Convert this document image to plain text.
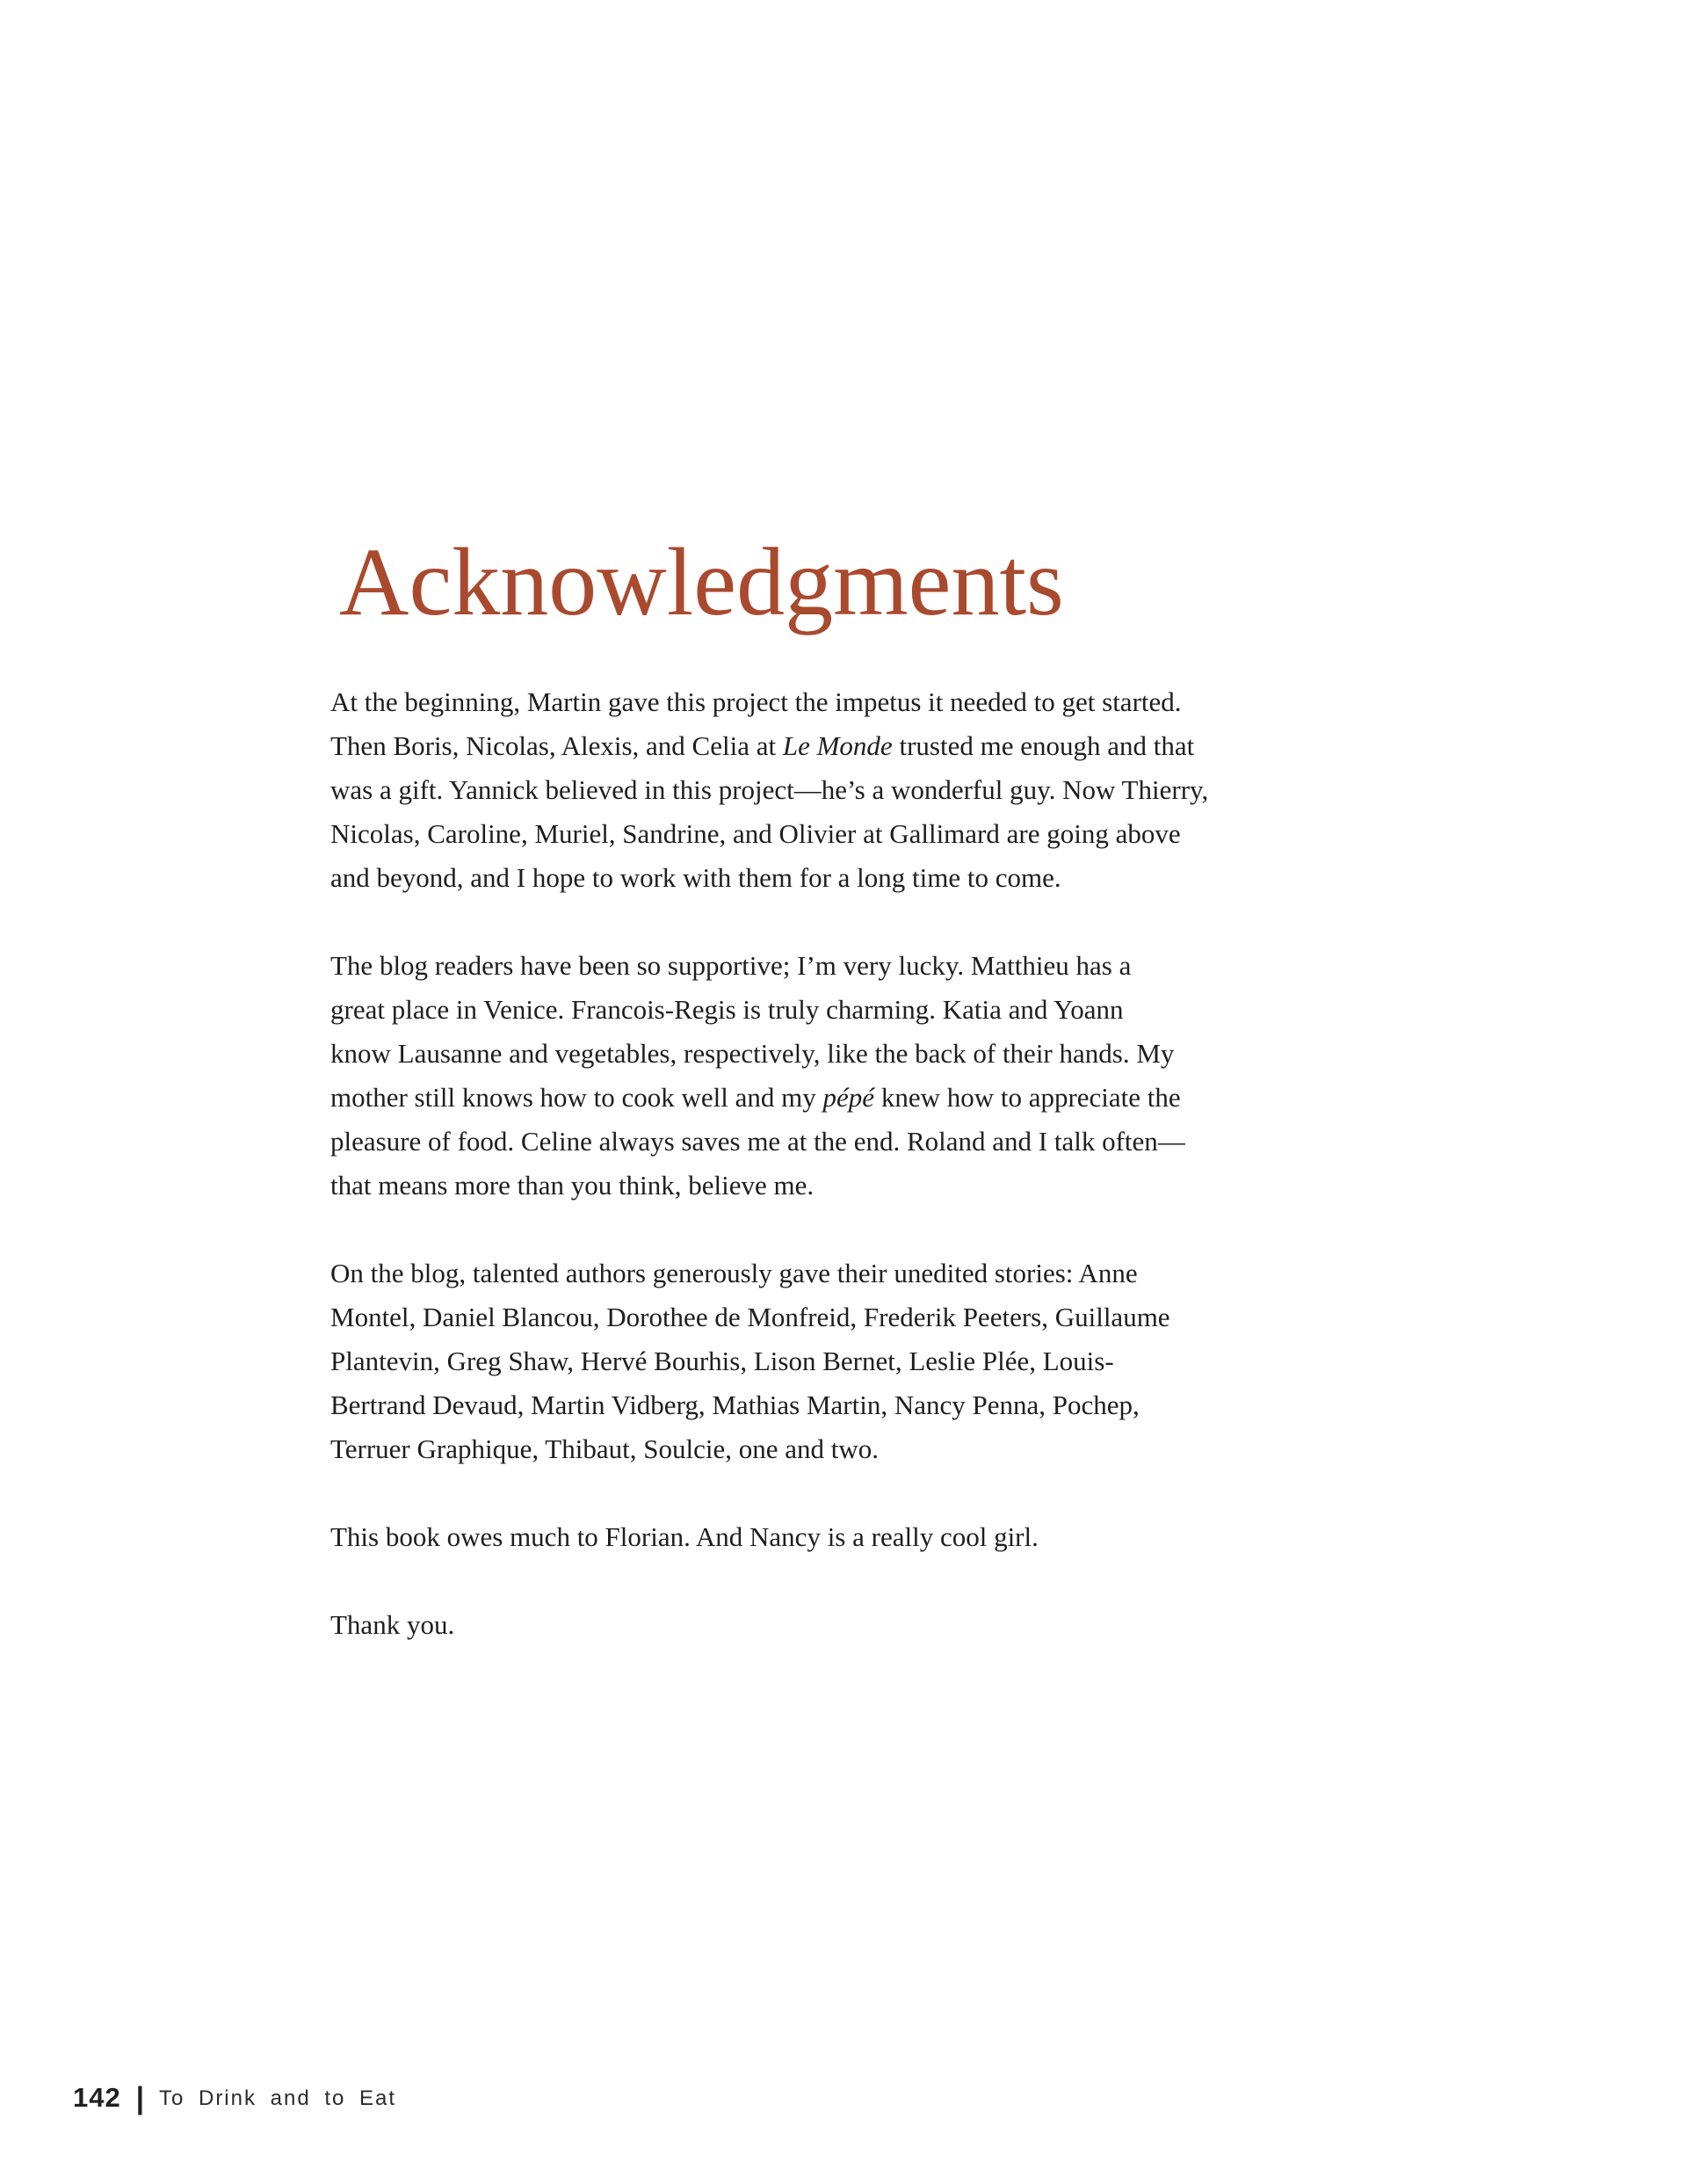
Acknowledgments
At the beginning, Martin gave this project the impetus it needed to get started.
Then Boris, Nicolas, Alexis, and Celia at Le Monde trusted me enough and that
was a gift. Yannick believed in this project—he’s a wonderful guy. Now Thierry,
Nicolas, Caroline, Muriel, Sandrine, and Olivier at Gallimard are going above
and beyond, and I hope to work with them for a long time to come.
The blog readers have been so supportive; I’m very lucky. Matthieu has a
great place in Venice. Francois-Regis is truly charming. Katia and Yoann
know Lausanne and vegetables, respectively, like the back of their hands. My
mother still knows how to cook well and my pépé knew how to appreciate the
pleasure of food. Celine always saves me at the end. Roland and I talk often—
that means more than you think, believe me.
On the blog, talented authors generously gave their unedited stories: Anne
Montel, Daniel Blancou, Dorothee de Monfreid, Frederik Peeters, Guillaume
Plantevin, Greg Shaw, Hervé Bourhis, Lison Bernet, Leslie Plée, Louis-
Bertrand Devaud, Martin Vidberg, Mathias Martin, Nancy Penna, Pochep,
Terruer Graphique, Thibaut, Soulcie, one and two.
This book owes much to Florian. And Nancy is a really cool girl.
Thank you.
142 | To Drink and to Eat
